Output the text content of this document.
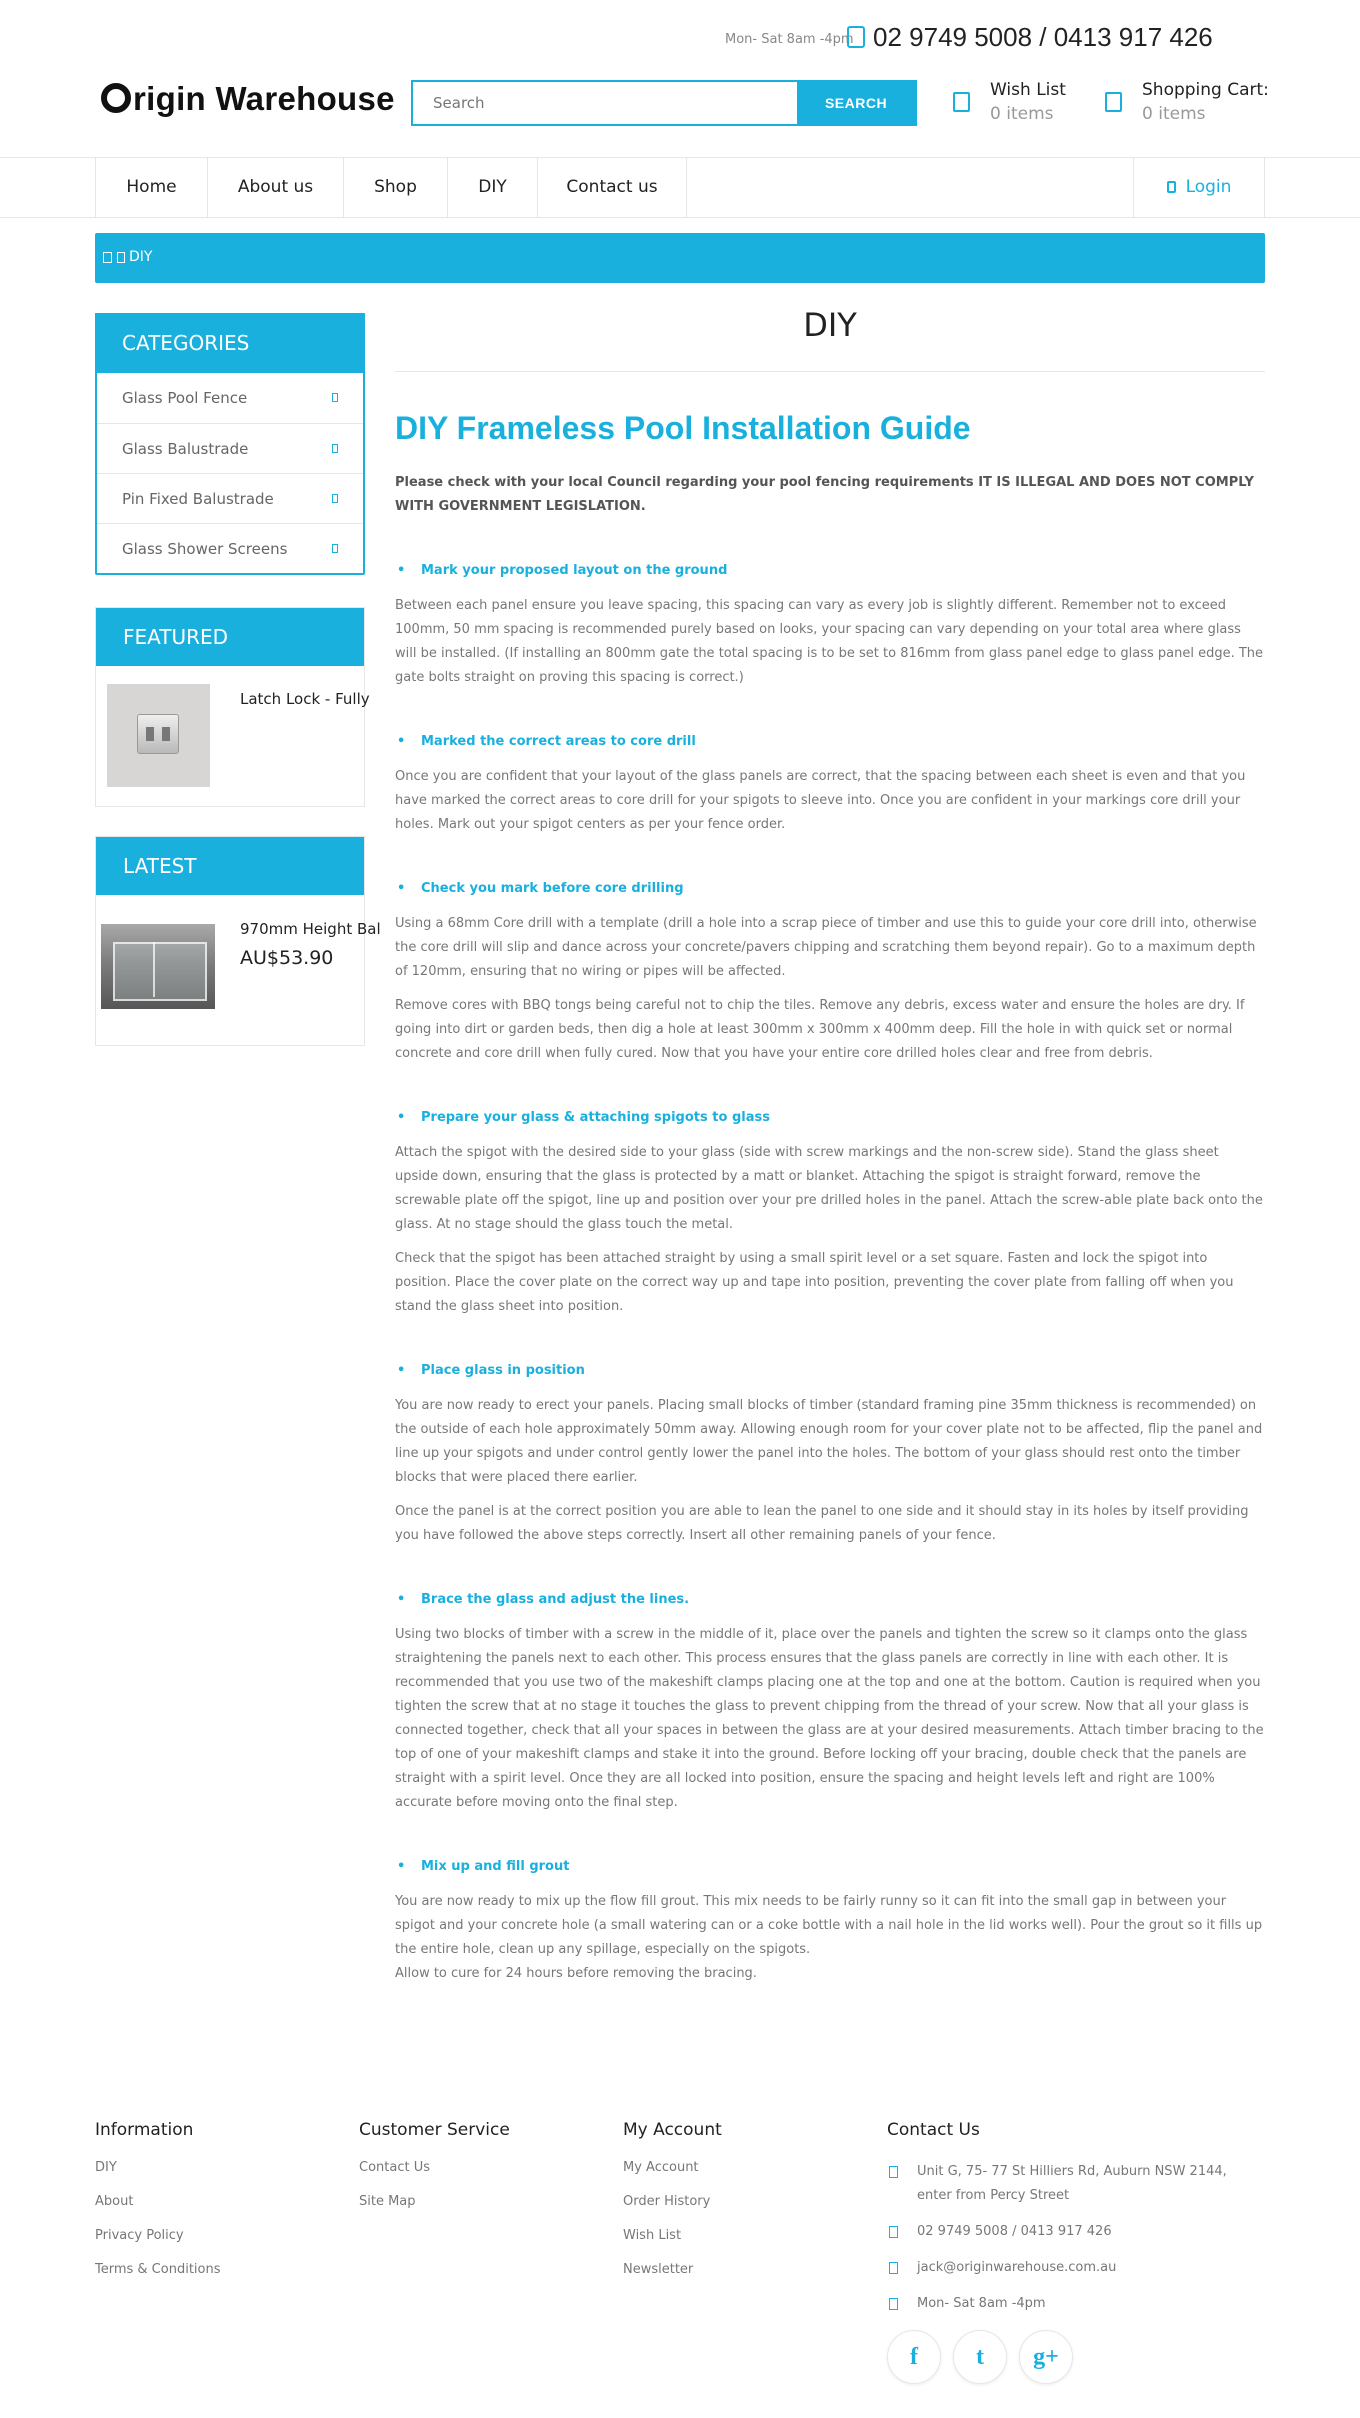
Mon- Sat 8am -4pm 02 9749 5008 / 0413 917 426
rigin Warehouse
Search	SEARCH
Wish List
0 items
Shopping Cart:
0 items
Home	About us	Shop	DIY	Contact us	Login
DIY
CATEGORIES
Glass Pool Fence
Glass Balustrade
Pin Fixed Balustrade
Glass Shower Screens
FEATURED
Latch Lock - Fully
LATEST
970mm Height Bal
AU$53.90
DIY
DIY Frameless Pool Installation Guide
Please check with your local Council regarding your pool fencing requirements IT IS ILLEGAL AND DOES NOT COMPLY WITH GOVERNMENT LEGISLATION.
• Mark your proposed layout on the ground

Between each panel ensure you leave spacing, this spacing can vary as every job is slightly different. Remember not to exceed 100mm, 50 mm spacing is recommended purely based on looks, your spacing can vary depending on your total area where glass will be installed. (If installing an 800mm gate the total spacing is to be set to 816mm from glass panel edge to glass panel edge. The gate bolts straight on proving this spacing is correct.)

• Marked the correct areas to core drill

Once you are confident that your layout of the glass panels are correct, that the spacing between each sheet is even and that you have marked the correct areas to core drill for your spigots to sleeve into. Once you are confident in your markings core drill your holes. Mark out your spigot centers as per your fence order.

• Check you mark before core drilling

Using a 68mm Core drill with a template (drill a hole into a scrap piece of timber and use this to guide your core drill into, otherwise the core drill will slip and dance across your concrete/pavers chipping and scratching them beyond repair). Go to a maximum depth of 120mm, ensuring that no wiring or pipes will be affected.

Remove cores with BBQ tongs being careful not to chip the tiles. Remove any debris, excess water and ensure the holes are dry. If going into dirt or garden beds, then dig a hole at least 300mm x 300mm x 400mm deep. Fill the hole in with quick set or normal concrete and core drill when fully cured. Now that you have your entire core drilled holes clear and free from debris.

• Prepare your glass & attaching spigots to glass

Attach the spigot with the desired side to your glass (side with screw markings and the non-screw side). Stand the glass sheet upside down, ensuring that the glass is protected by a matt or blanket. Attaching the spigot is straight forward, remove the screwable plate off the spigot, line up and position over your pre drilled holes in the panel. Attach the screw-able plate back onto the glass. At no stage should the glass touch the metal.

Check that the spigot has been attached straight by using a small spirit level or a set square. Fasten and lock the spigot into position. Place the cover plate on the correct way up and tape into position, preventing the cover plate from falling off when you stand the glass sheet into position.

• Place glass in position

You are now ready to erect your panels. Placing small blocks of timber (standard framing pine 35mm thickness is recommended) on the outside of each hole approximately 50mm away. Allowing enough room for your cover plate not to be affected, flip the panel and line up your spigots and under control gently lower the panel into the holes. The bottom of your glass should rest onto the timber blocks that were placed there earlier.

Once the panel is at the correct position you are able to lean the panel to one side and it should stay in its holes by itself providing you have followed the above steps correctly. Insert all other remaining panels of your fence.

• Brace the glass and adjust the lines.

Using two blocks of timber with a screw in the middle of it, place over the panels and tighten the screw so it clamps onto the glass straightening the panels next to each other. This process ensures that the glass panels are correctly in line with each other. It is recommended that you use two of the makeshift clamps placing one at the top and one at the bottom. Caution is required when you tighten the screw that at no stage it touches the glass to prevent chipping from the thread of your screw. Now that all your glass is connected together, check that all your spaces in between the glass are at your desired measurements. Attach timber bracing to the top of one of your makeshift clamps and stake it into the ground. Before locking off your bracing, double check that the panels are straight with a spirit level. Once they are all locked into position, ensure the spacing and height levels left and right are 100% accurate before moving onto the final step.

• Mix up and fill grout

You are now ready to mix up the flow fill grout. This mix needs to be fairly runny so it can fit into the small gap in between your spigot and your concrete hole (a small watering can or a coke bottle with a nail hole in the lid works well). Pour the grout so it fills up the entire hole, clean up any spillage, especially on the spigots.

Allow to cure for 24 hours before removing the bracing.

Information
DIY
About
Privacy Policy
Terms & Conditions
Customer Service
Contact Us
Site Map
My Account
My Account
Order History
Wish List
Newsletter
Contact Us
Unit G, 75- 77 St Hilliers Rd, Auburn NSW 2144, enter from Percy Street
02 9749 5008 / 0413 917 426
jack@originwarehouse.com.au
Mon- Sat 8am -4pm
f	t	g+
